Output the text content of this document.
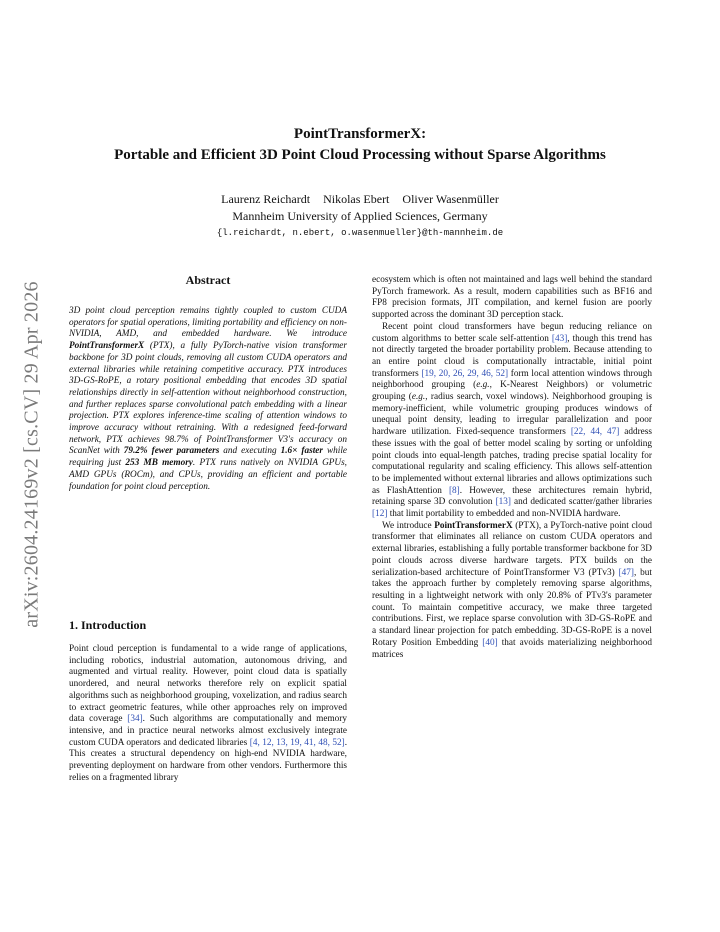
arXiv:2604.24169v2 [cs.CV] 29 Apr 2026
PointTransformerX:
Portable and Efficient 3D Point Cloud Processing without Sparse Algorithms
Laurenz Reichardt Nikolas Ebert Oliver Wasenmüller
Mannheim University of Applied Sciences, Germany
{l.reichardt, n.ebert, o.wasenmueller}@th-mannheim.de
Abstract

3D point cloud perception remains tightly coupled to custom CUDA operators for spatial operations, limiting portability and efficiency on non-NVIDIA, AMD, and embedded hardware. We introduce PointTransformerX (PTX), a fully PyTorch-native vision transformer backbone for 3D point clouds, removing all custom CUDA operators and external libraries while retaining competitive accuracy. PTX introduces 3D-GS-RoPE, a rotary positional embedding that encodes 3D spatial relationships directly in self-attention without neighborhood construction, and further replaces sparse convolutional patch embedding with a linear projection. PTX explores inference-time scaling of attention windows to improve accuracy without retraining. With a redesigned feed-forward network, PTX achieves 98.7% of PointTransformer V3's accuracy on ScanNet with 79.2% fewer parameters and executing 1.6× faster while requiring just 253 MB memory. PTX runs natively on NVIDIA GPUs, AMD GPUs (ROCm), and CPUs, providing an efficient and portable foundation for point cloud perception.

1. Introduction

Point cloud perception is fundamental to a wide range of applications, including robotics, industrial automation, autonomous driving, and augmented and virtual reality. However, point cloud data is spatially unordered, and neural networks therefore rely on explicit spatial algorithms such as neighborhood grouping, voxelization, and radius search to extract geometric features, while other approaches rely on improved data coverage [34]. Such algorithms are computationally and memory intensive, and in practice neural networks almost exclusively integrate custom CUDA operators and dedicated libraries [4, 12, 13, 19, 41, 48, 52]. This creates a structural dependency on high-end NVIDIA hardware, preventing deployment on hardware from other vendors. Furthermore this relies on a fragmented library

ecosystem which is often not maintained and lags well behind the standard PyTorch framework. As a result, modern capabilities such as BF16 and FP8 precision formats, JIT compilation, and kernel fusion are poorly supported across the dominant 3D perception stack.

Recent point cloud transformers have begun reducing reliance on custom algorithms to better scale self-attention [43], though this trend has not directly targeted the broader portability problem. Because attending to an entire point cloud is computationally intractable, initial point transformers [19, 20, 26, 29, 46, 52] form local attention windows through neighborhood grouping (e.g., K-Nearest Neighbors) or volumetric grouping (e.g., radius search, voxel windows). Neighborhood grouping is memory-inefficient, while volumetric grouping produces windows of unequal point density, leading to irregular parallelization and poor hardware utilization. Fixed-sequence transformers [22, 44, 47] address these issues with the goal of better model scaling by sorting or unfolding point clouds into equal-length patches, trading precise spatial locality for computational regularity and scaling efficiency. This allows self-attention to be implemented without external libraries and allows optimizations such as FlashAttention [8]. However, these architectures remain hybrid, retaining sparse 3D convolution [13] and dedicated scatter/gather libraries [12] that limit portability to embedded and non-NVIDIA hardware.

We introduce PointTransformerX (PTX), a PyTorch-native point cloud transformer that eliminates all reliance on custom CUDA operators and external libraries, establishing a fully portable transformer backbone for 3D point clouds across diverse hardware targets. PTX builds on the serialization-based architecture of PointTransformer V3 (PTv3) [47], but takes the approach further by completely removing sparse algorithms, resulting in a lightweight network with only 20.8% of PTv3's parameter count. To maintain competitive accuracy, we make three targeted contributions. First, we replace sparse convolution with 3D-GS-RoPE and a standard linear projection for patch embedding. 3D-GS-RoPE is a novel Rotary Position Embedding [40] that avoids materializing neighborhood matrices
